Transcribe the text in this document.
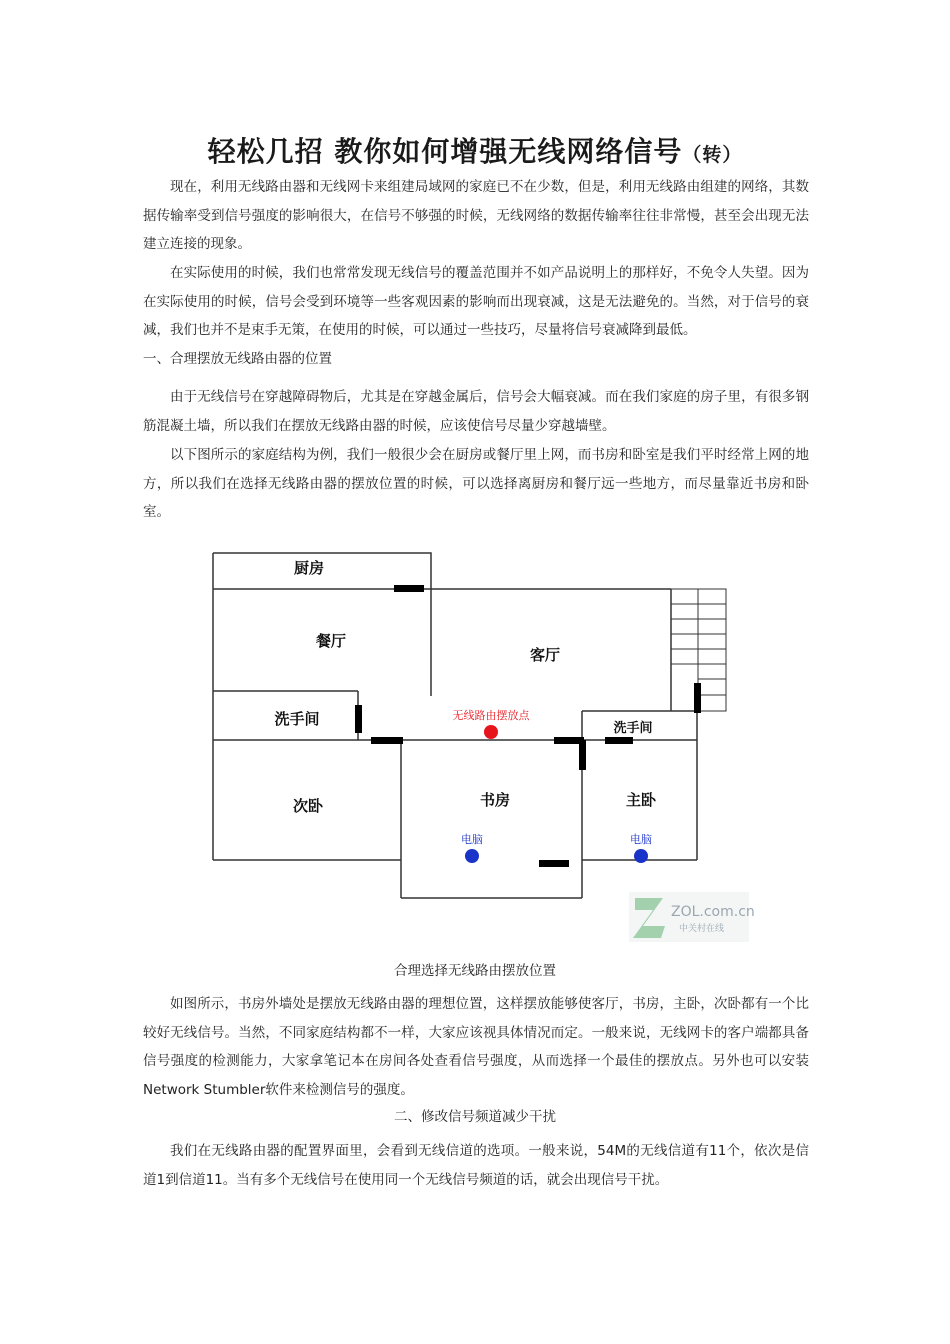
轻松几招 教你如何增强无线网络信号（转）

现在，利用无线路由器和无线网卡来组建局域网的家庭已不在少数，但是，利用无线路由组建的网络，其数据传输率受到信号强度的影响很大，在信号不够强的时候，无线网络的数据传输率往往非常慢，甚至会出现无法建立连接的现象。

在实际使用的时候，我们也常常发现无线信号的覆盖范围并不如产品说明上的那样好，不免令人失望。因为在实际使用的时候，信号会受到环境等一些客观因素的影响而出现衰减，这是无法避免的。当然，对于信号的衰减，我们也并不是束手无策，在使用的时候，可以通过一些技巧，尽量将信号衰减降到最低。

一、合理摆放无线路由器的位置

由于无线信号在穿越障碍物后，尤其是在穿越金属后，信号会大幅衰减。而在我们家庭的房子里，有很多钢筋混凝土墙，所以我们在摆放无线路由器的时候，应该使信号尽量少穿越墙壁。

以下图所示的家庭结构为例，我们一般很少会在厨房或餐厅里上网，而书房和卧室是我们平时经常上网的地方，所以我们在选择无线路由器的摆放位置的时候，可以选择离厨房和餐厅远一些地方，而尽量靠近书房和卧室。

厨房
餐厅
客厅
洗手间
洗手间
次卧	书房	主卧
无线路由摆放点
电脑	电脑
ZOL.com.cn
中关村在线
合理选择无线路由摆放位置

如图所示，书房外墙处是摆放无线路由器的理想位置，这样摆放能够使客厅，书房，主卧，次卧都有一个比较好无线信号。当然，不同家庭结构都不一样，大家应该视具体情况而定。一般来说，无线网卡的客户端都具备信号强度的检测能力，大家拿笔记本在房间各处查看信号强度，从而选择一个最佳的摆放点。另外也可以安装Network Stumbler软件来检测信号的强度。

二、修改信号频道减少干扰

我们在无线路由器的配置界面里，会看到无线信道的选项。一般来说，54M的无线信道有11个，依次是信道1到信道11。当有多个无线信号在使用同一个无线信号频道的话，就会出现信号干扰。
